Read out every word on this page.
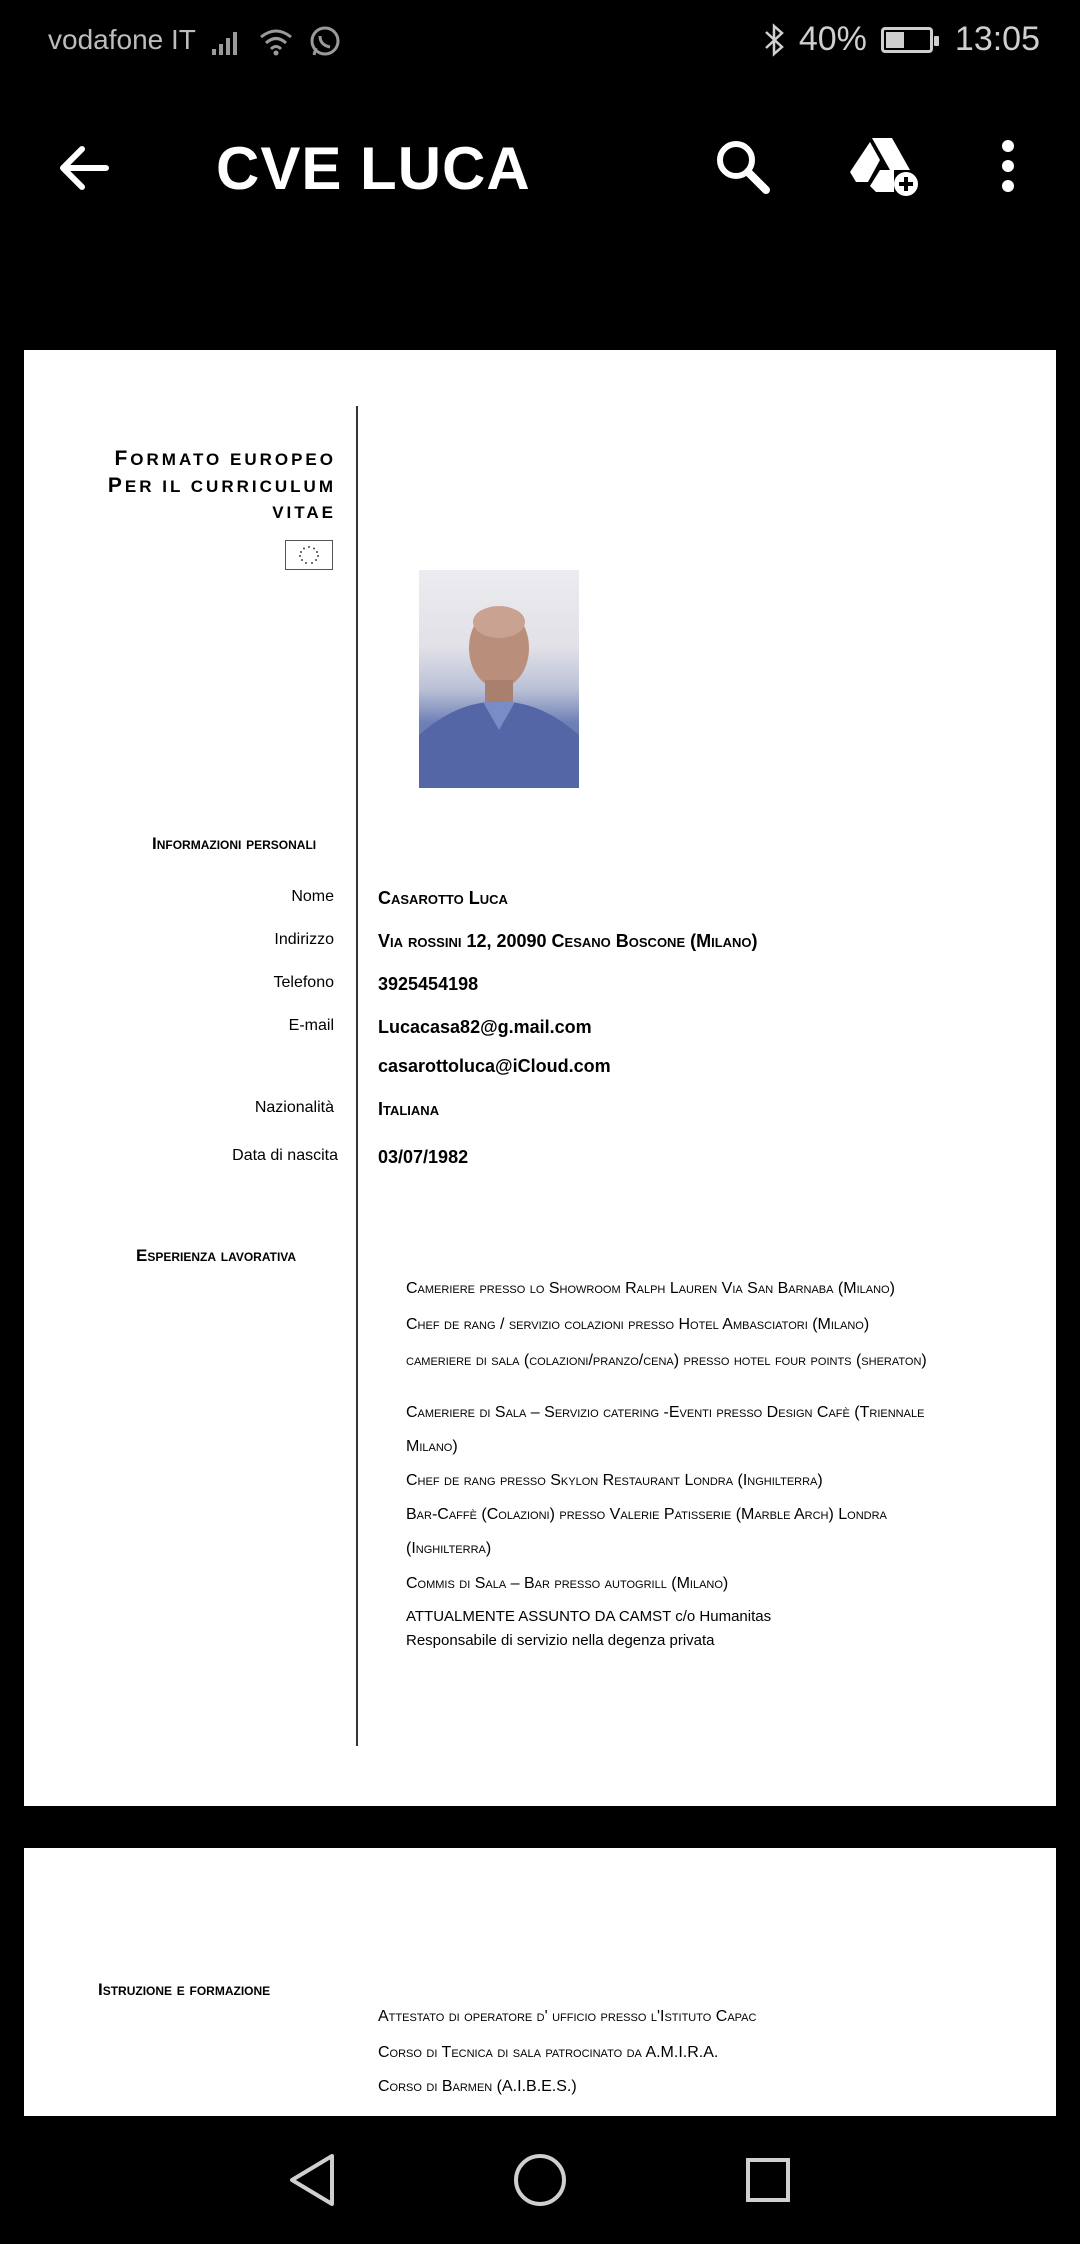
vodafone IT	40%	13:05
CVE LUCA
FORMATO EUROPEO
PER IL CURRICULUM
VITAE
Informazioni personali
Nome Casarotto Luca
Indirizzo Via rossini 12, 20090 Cesano Boscone (Milano)
Telefono 3925454198
E-mail Lucacasa82@g.mail.com
casarottoluca@iCloud.com
Nazionalità Italiana
Data di nascita 03/07/1982
Esperienza lavorativa
Cameriere presso lo Showroom Ralph Lauren Via San Barnaba (Milano)
Chef de rang / servizio colazioni presso Hotel Ambasciatori (Milano)
cameriere di sala (colazioni/pranzo/cena) presso hotel four points (sheraton)
Cameriere di Sala – Servizio catering -Eventi presso Design Cafè (Triennale
Milano)
Chef de rang presso Skylon Restaurant Londra (Inghilterra)
Bar-Caffè (Colazioni) presso Valerie Patisserie (Marble Arch) Londra
(Inghilterra)
Commis di Sala – Bar presso autogrill (Milano)
ATTUALMENTE ASSUNTO DA CAMST c/o Humanitas
Responsabile di servizio nella degenza privata
Istruzione e formazione
Attestato di operatore d' ufficio presso l'Istituto Capac
Corso di Tecnica di sala patrocinato da A.M.I.R.A.
Corso di Barmen (A.I.B.E.S.)
